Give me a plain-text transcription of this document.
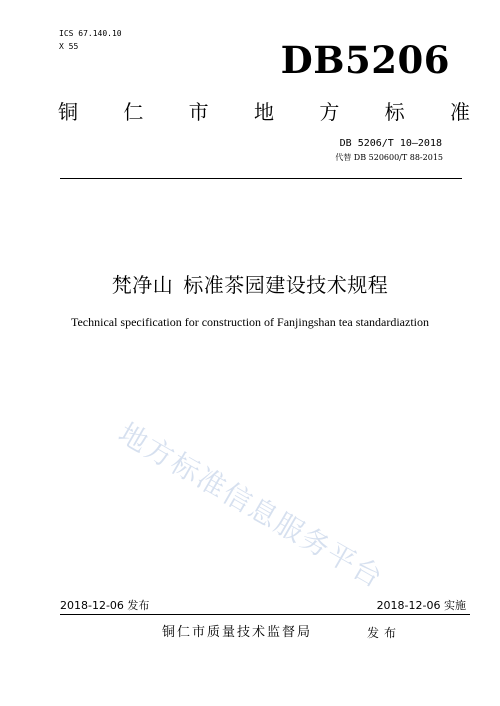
ICS 67.140.10
X 55	DB5206
铜 仁 市 地 方 标 准
DB 5206/T 10—2018
代替 DB 520600/T 88-2015
梵净山 标准茶园建设技术规程
Technical specification for construction of Fanjingshan tea standardiaztion
地方标准信息服务平台
2018-12-06 发布	2018-12-06 实施
铜仁市质量技术监督局	发布
